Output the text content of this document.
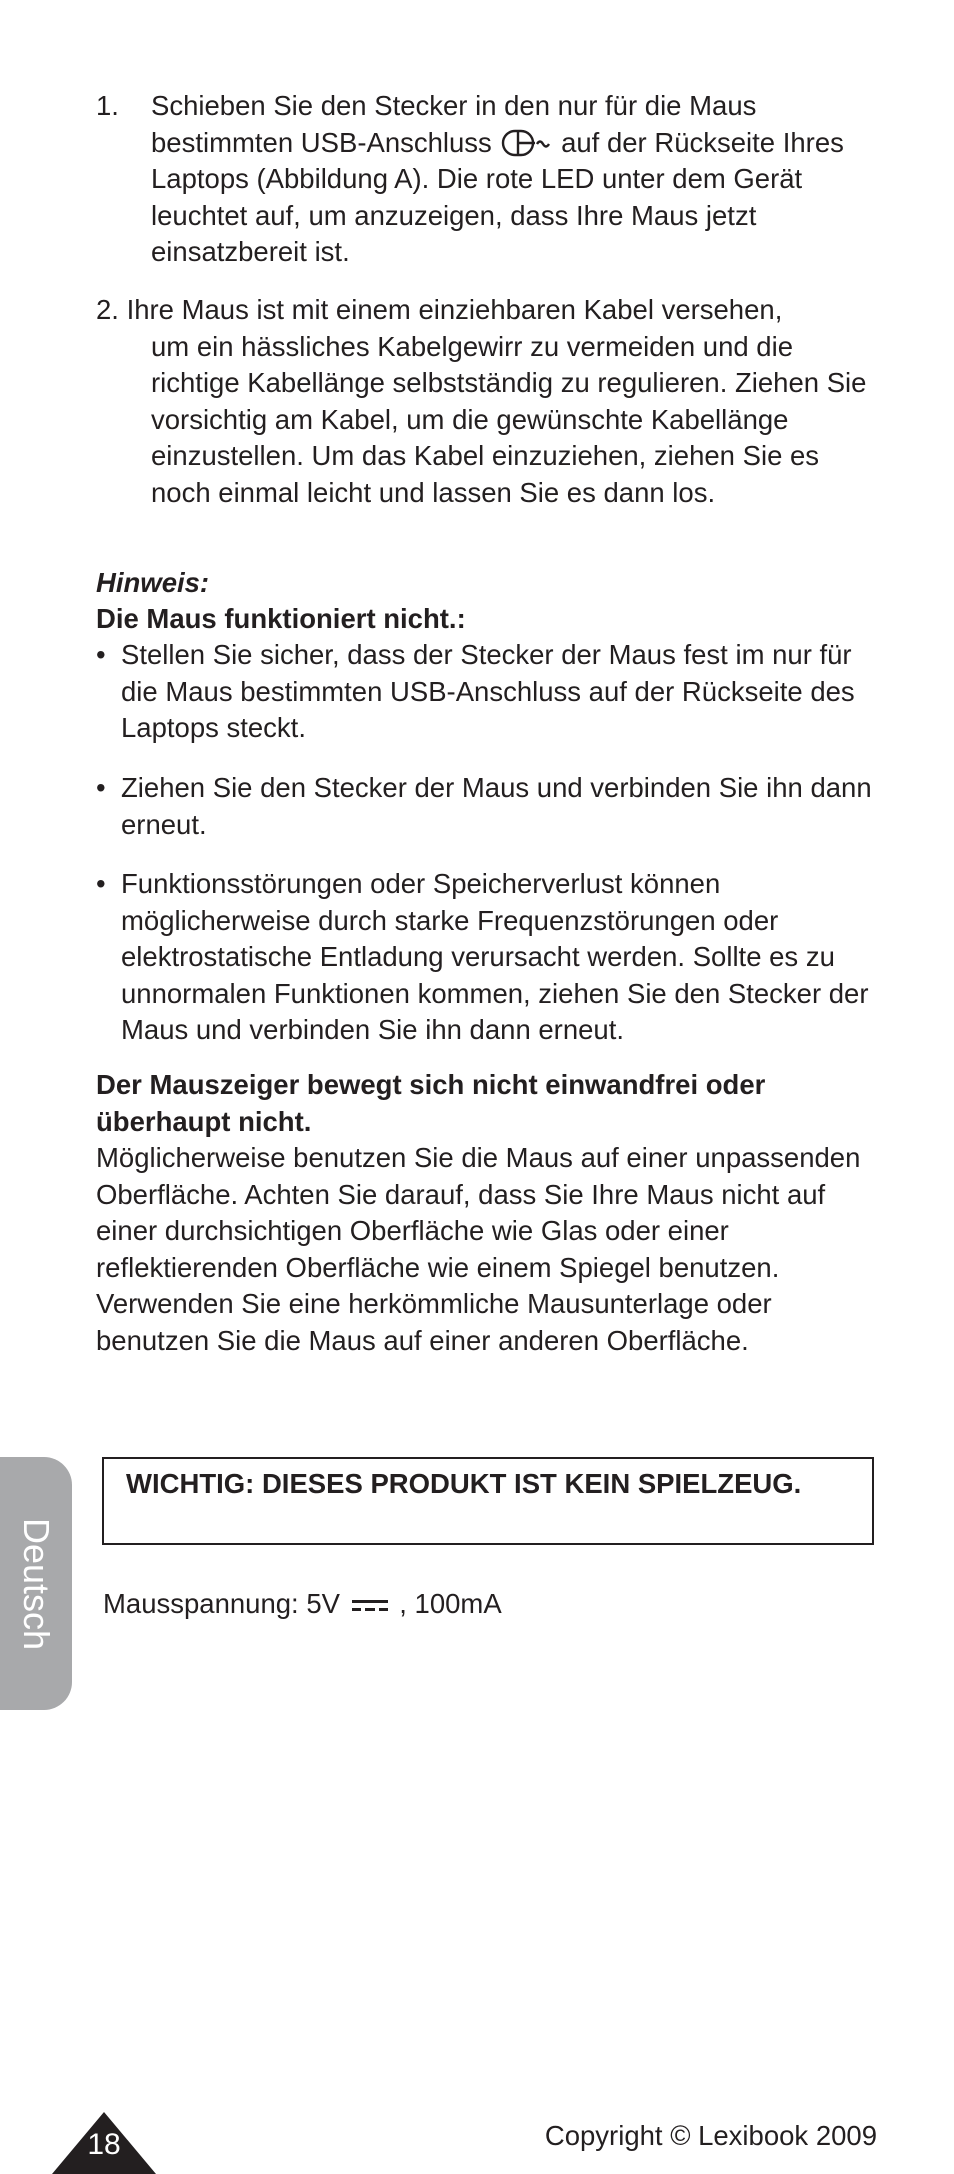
1. Schieben Sie den Stecker in den nur für die Maus bestimmten USB-Anschluss	auf der Rückseite Ihres Laptops (Abbildung A). Die rote LED unter dem Gerät leuchtet auf, um anzuzeigen, dass Ihre Maus jetzt einsatzbereit ist.
2. Ihre Maus ist mit einem einziehbaren Kabel versehen,
um ein hässliches Kabelgewirr zu vermeiden und die richtige Kabellänge selbstständig zu regulieren. Ziehen Sie vorsichtig am Kabel, um die gewünschte Kabellänge einzustellen. Um das Kabel einzuziehen, ziehen Sie es noch einmal leicht und lassen Sie es dann los.
Hinweis:
Die Maus funktioniert nicht.:
• Stellen Sie sicher, dass der Stecker der Maus fest im nur für die Maus bestimmten USB-Anschluss auf der Rückseite des Laptops steckt.
• Ziehen Sie den Stecker der Maus und verbinden Sie ihn dann erneut.
• Funktionsstörungen oder Speicherverlust können möglicherweise durch starke Frequenzstörungen oder elektrostatische Entladung verursacht werden. Sollte es zu unnormalen Funktionen kommen, ziehen Sie den Stecker der Maus und verbinden Sie ihn dann erneut.
Der Mauszeiger bewegt sich nicht einwandfrei oder überhaupt nicht.
Möglicherweise benutzen Sie die Maus auf einer unpassenden Oberfläche. Achten Sie darauf, dass Sie Ihre Maus nicht auf einer durchsichtigen Oberfläche wie Glas oder einer reflektierenden Oberfläche wie einem Spiegel benutzen. Verwenden Sie eine herkömmliche Mausunterlage oder benutzen Sie die Maus auf einer anderen Oberfläche.
WICHTIG: DIESES PRODUKT IST KEIN SPIELZEUG.
Mausspannung: 5V , 100mA
Deutsch
18	Copyright © Lexibook 2009
